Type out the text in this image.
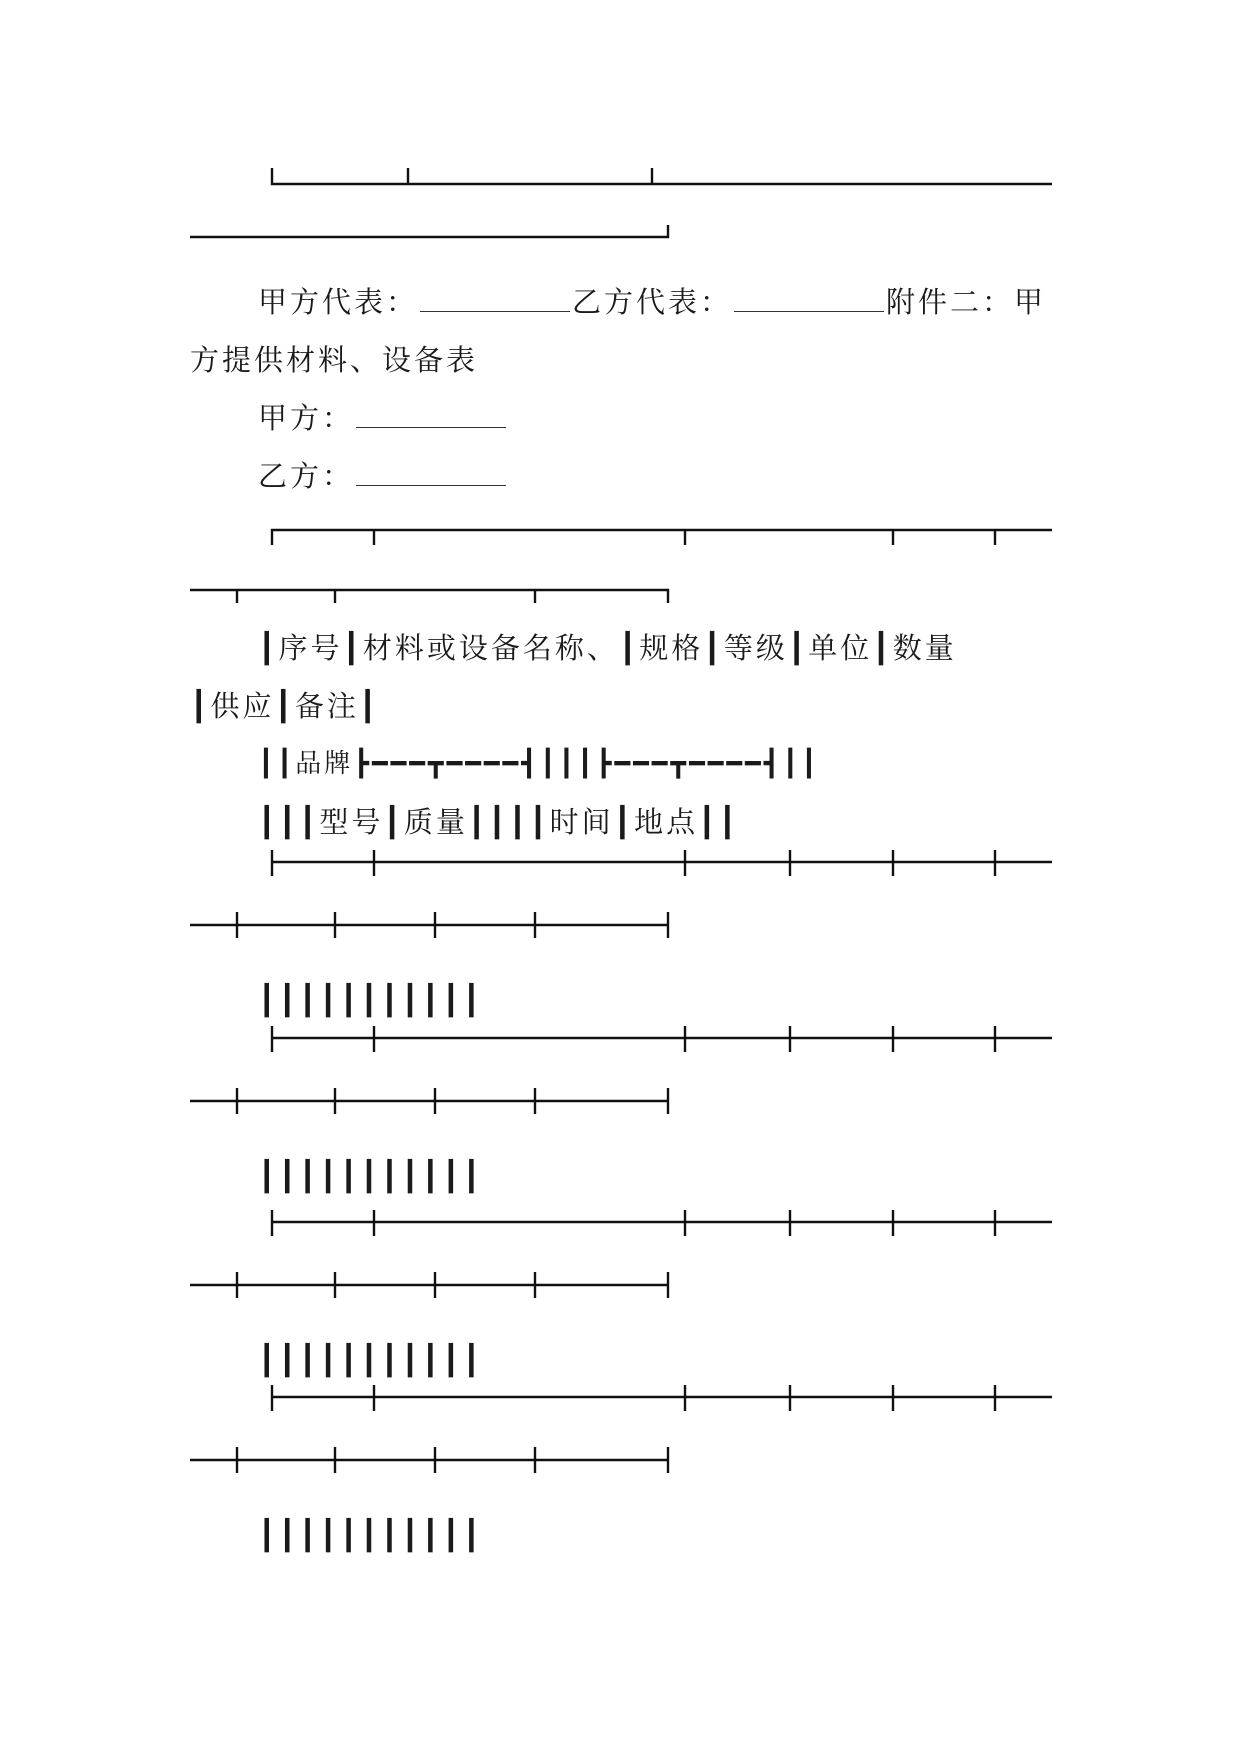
甲方代表：	乙方代表：	附件二：甲
方提供材料、设备表
甲方：
乙方：
┃序号┃材料或设备名称、┃规格┃等级┃单位┃数量
┃供应┃备注┃
┃┃品牌┣━━━┳━━━━┫┃┃┃┣━━━┳━━━━┫┃┃
┃┃┃型号┃质量┃┃┃┃时间┃地点┃┃
┃┃┃┃┃┃┃┃┃┃┃
┃┃┃┃┃┃┃┃┃┃┃
┃┃┃┃┃┃┃┃┃┃┃
┃┃┃┃┃┃┃┃┃┃┃
